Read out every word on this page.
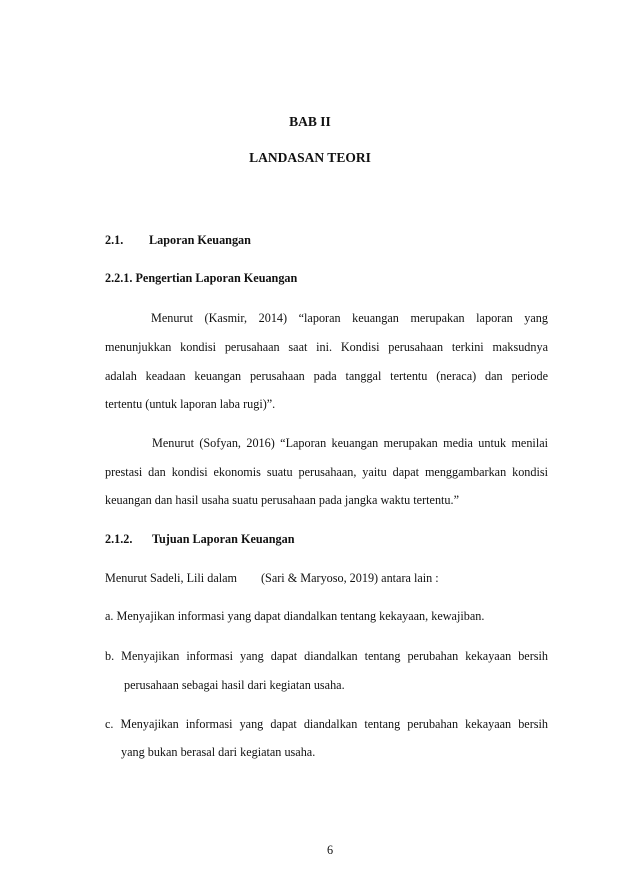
BAB II
LANDASAN TEORI
2.1. Laporan Keuangan
2.2.1. Pengertian Laporan Keuangan
Menurut (Kasmir, 2014) “laporan keuangan merupakan laporan yang
menunjukkan kondisi perusahaan saat ini. Kondisi perusahaan terkini maksudnya
adalah keadaan keuangan perusahaan pada tanggal tertentu (neraca) dan periode
tertentu (untuk laporan laba rugi)”.
Menurut (Sofyan, 2016) “Laporan keuangan merupakan media untuk menilai
prestasi dan kondisi ekonomis suatu perusahaan, yaitu dapat menggambarkan kondisi
keuangan dan hasil usaha suatu perusahaan pada jangka waktu tertentu.”
2.1.2. Tujuan Laporan Keuangan
Menurut Sadeli, Lili dalam (Sari & Maryoso, 2019) antara lain :
a. Menyajikan informasi yang dapat diandalkan tentang kekayaan, kewajiban.
b. Menyajikan informasi yang dapat diandalkan tentang perubahan kekayaan bersih
perusahaan sebagai hasil dari kegiatan usaha.
c. Menyajikan informasi yang dapat diandalkan tentang perubahan kekayaan bersih
yang bukan berasal dari kegiatan usaha.
6
